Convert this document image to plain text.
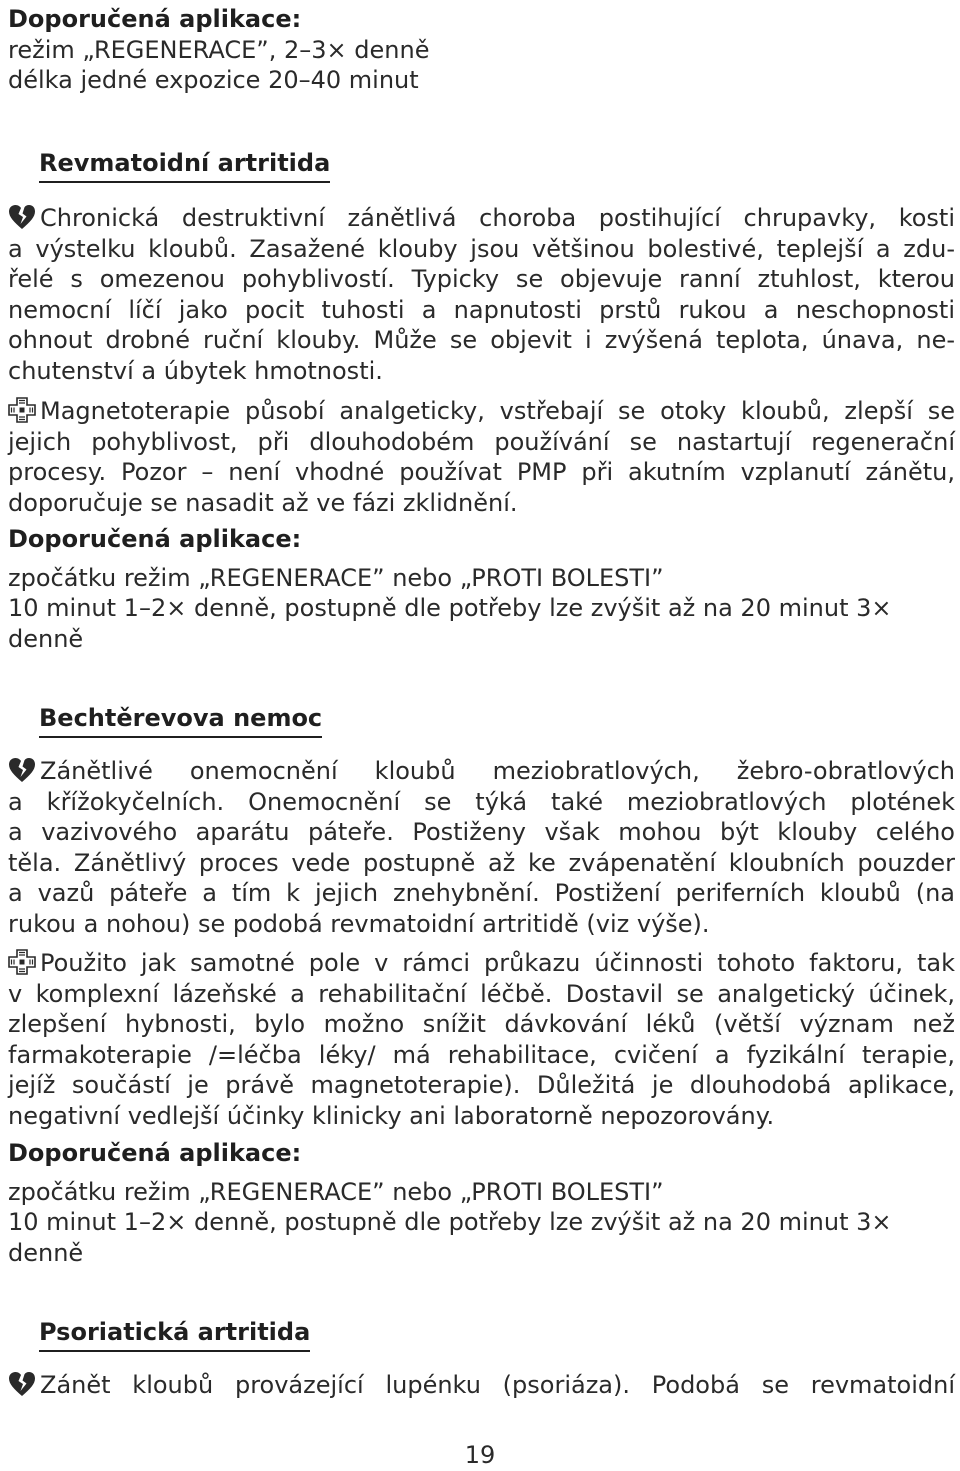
Doporučená aplikace:
režim „REGENERACE”, 2–3× denně
délka jedné expozice 20–40 minut
Revmatoidní artritida
Chronická destruktivní zánětlivá choroba postihující chrupavky, kosti
a výstelku kloubů. Zasažené klouby jsou většinou bolestivé, teplejší a zdu-
řelé s omezenou pohyblivostí. Typicky se objevuje ranní ztuhlost, kterou
nemocní líčí jako pocit tuhosti a napnutosti prstů rukou a neschopnosti
ohnout drobné ruční klouby. Může se objevit i zvýšená teplota, únava, ne-
chutenství a úbytek hmotnosti.
Magnetoterapie působí analgeticky, vstřebají se otoky kloubů, zlepší se
jejich pohyblivost, při dlouhodobém používání se nastartují regenerační
procesy. Pozor – není vhodné používat PMP při akutním vzplanutí zánětu,
doporučuje se nasadit až ve fázi zklidnění.
Doporučená aplikace:
zpočátku režim „REGENERACE” nebo „PROTI BOLESTI”
10 minut 1–2× denně, postupně dle potřeby lze zvýšit až na 20 minut 3×
denně
Bechtěrevova nemoc
Zánětlivé onemocnění kloubů meziobratlových, žebro-obratlových
a křížokyčelních. Onemocnění se týká také meziobratlových plotének
a vazivového aparátu páteře. Postiženy však mohou být klouby celého
těla. Zánětlivý proces vede postupně až ke zvápenatění kloubních pouzder
a vazů páteře a tím k jejich znehybnění. Postižení periferních kloubů (na
rukou a nohou) se podobá revmatoidní artritidě (viz výše).
Použito jak samotné pole v rámci průkazu účinnosti tohoto faktoru, tak
v komplexní lázeňské a rehabilitační léčbě. Dostavil se analgetický účinek,
zlepšení hybnosti, bylo možno snížit dávkování léků (větší význam než
farmakoterapie /=léčba léky/ má rehabilitace, cvičení a fyzikální terapie,
jejíž součástí je právě magnetoterapie). Důležitá je dlouhodobá aplikace,
negativní vedlejší účinky klinicky ani laboratorně nepozorovány.
Doporučená aplikace:
zpočátku režim „REGENERACE” nebo „PROTI BOLESTI”
10 minut 1–2× denně, postupně dle potřeby lze zvýšit až na 20 minut 3×
denně
Psoriatická artritida
Zánět kloubů provázející lupénku (psoriáza). Podobá se revmatoidní
19
